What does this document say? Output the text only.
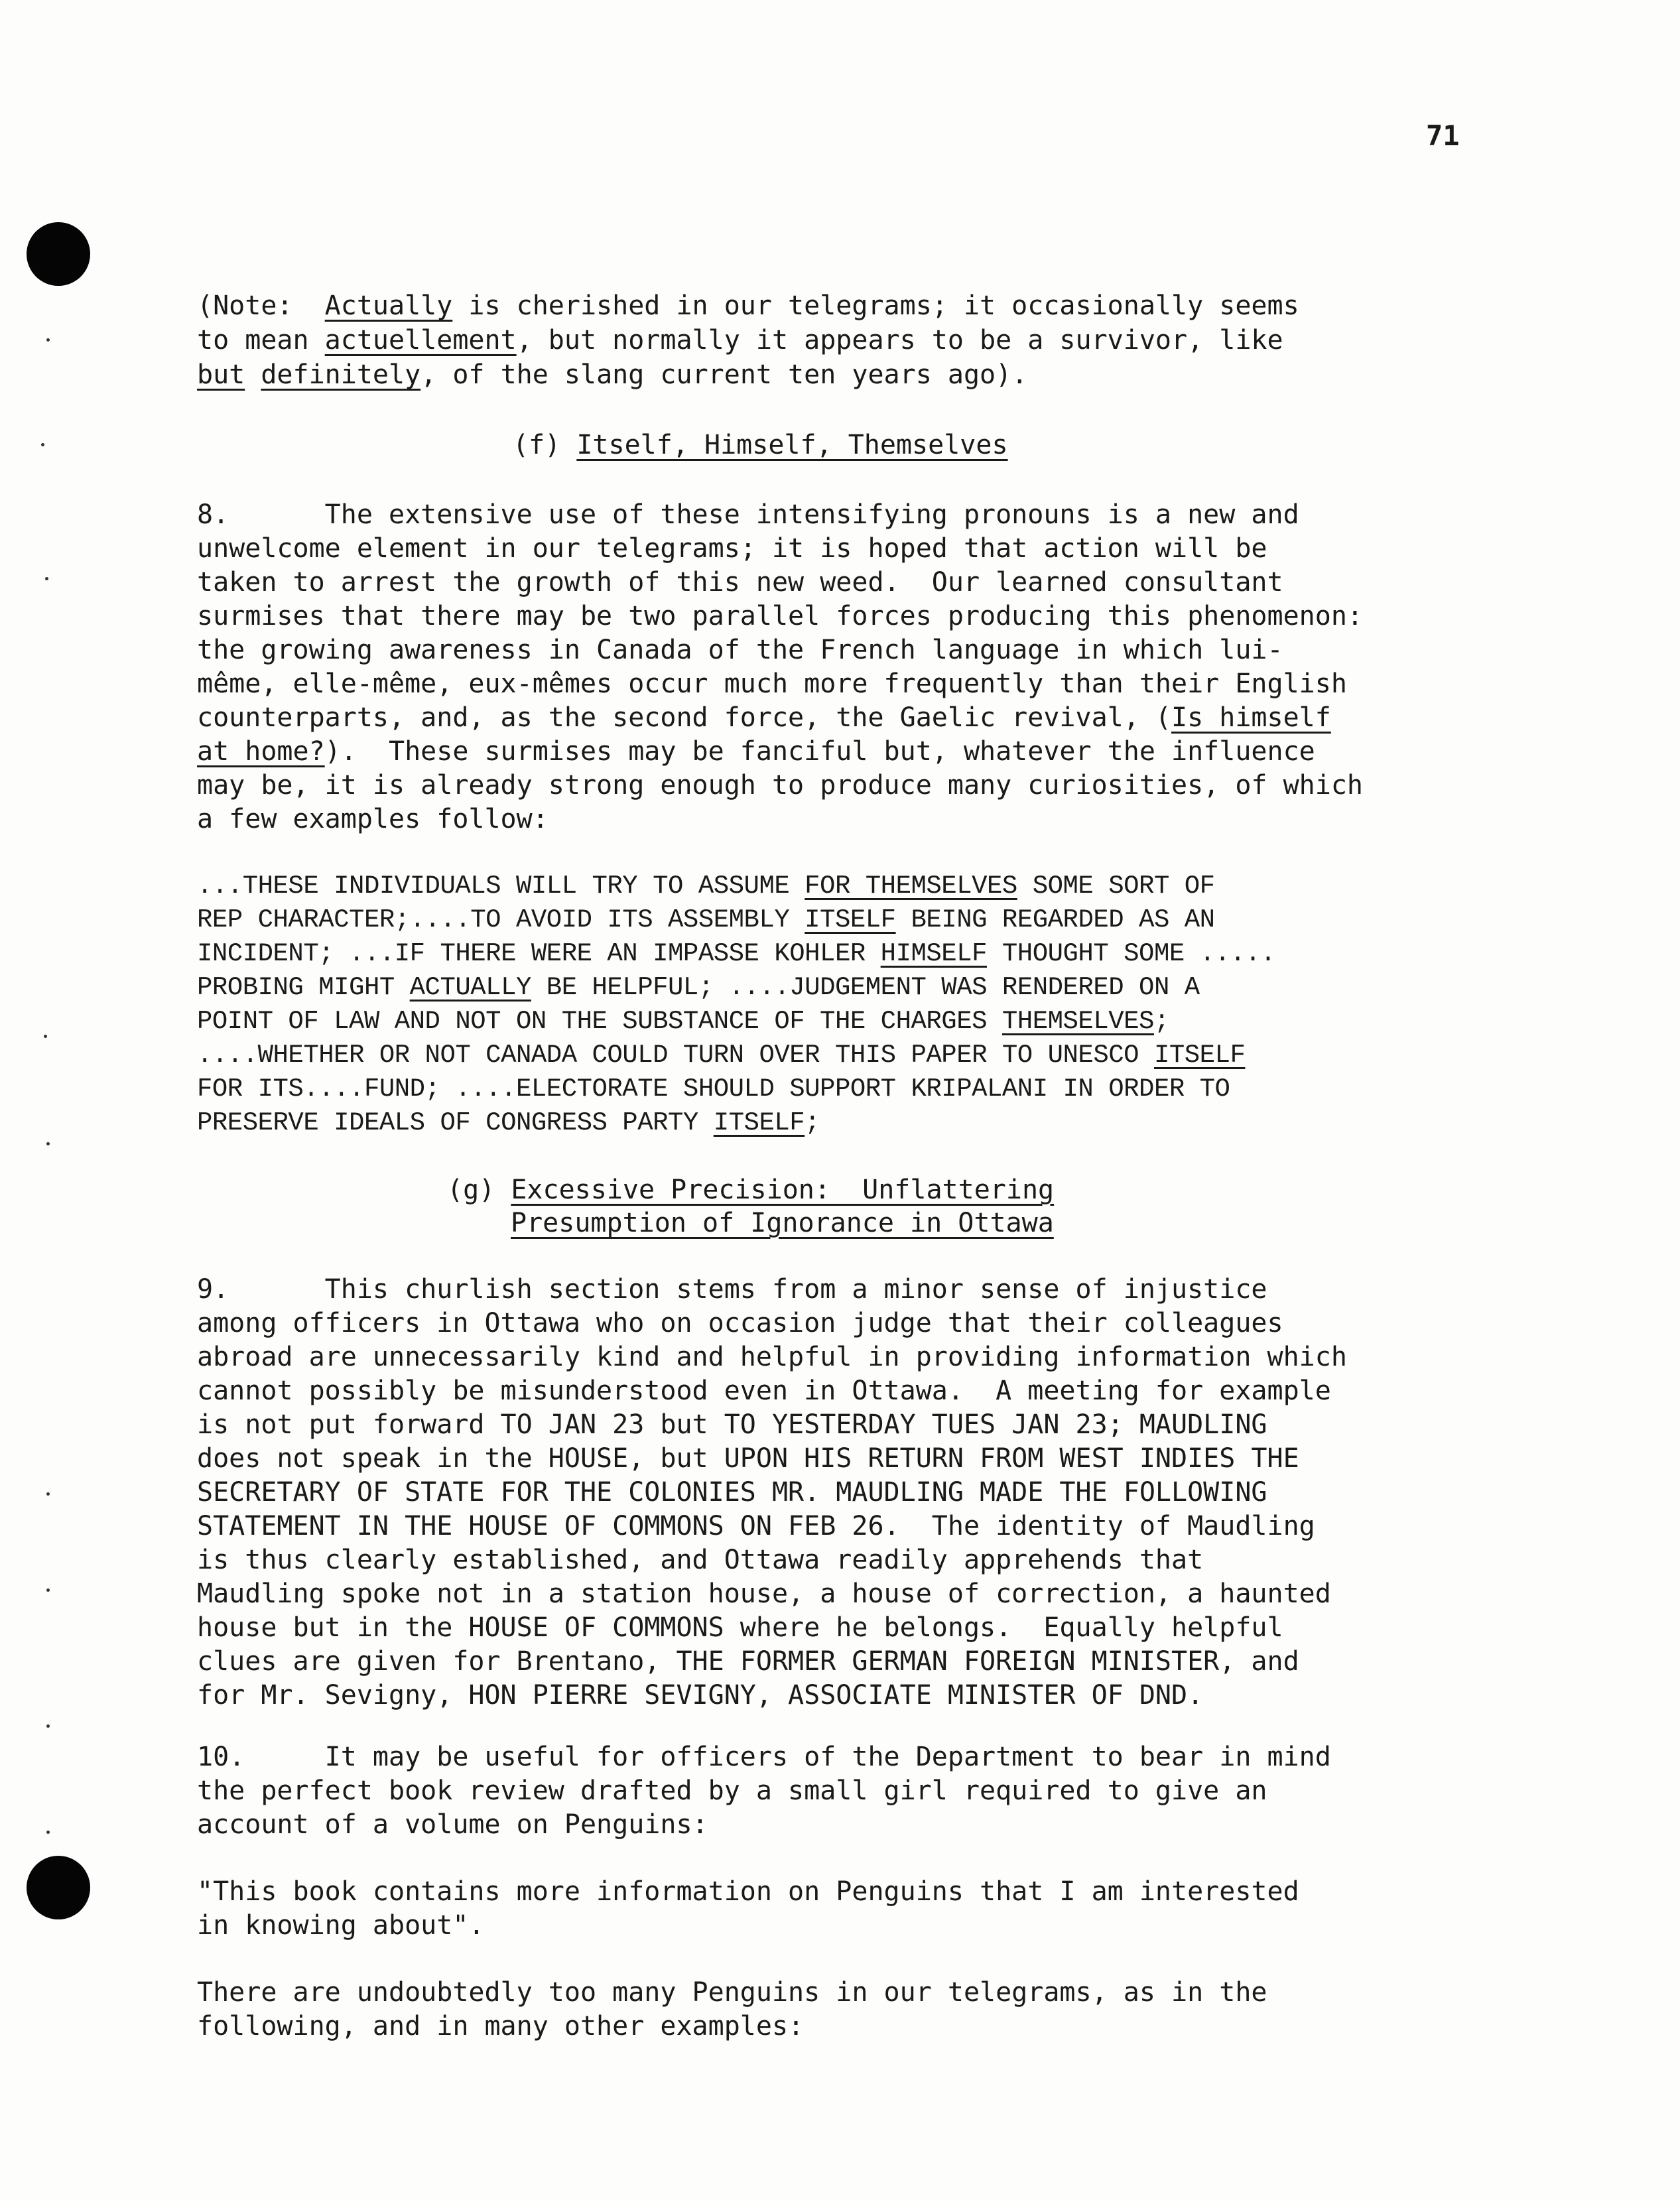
71
(Note:  Actually is cherished in our telegrams; it occasionally seems
to mean actuellement, but normally it appears to be a survivor, like
but definitely, of the slang current ten years ago).
(f) Itself, Himself, Themselves
8.      The extensive use of these intensifying pronouns is a new and
unwelcome element in our telegrams; it is hoped that action will be
taken to arrest the growth of this new weed.  Our learned consultant
surmises that there may be two parallel forces producing this phenomenon:
the growing awareness in Canada of the French language in which lui-
même, elle-même, eux-mêmes occur much more frequently than their English
counterparts, and, as the second force, the Gaelic revival, (Is himself
at home?).  These surmises may be fanciful but, whatever the influence
may be, it is already strong enough to produce many curiosities, of which
a few examples follow:
...THESE INDIVIDUALS WILL TRY TO ASSUME FOR THEMSELVES SOME SORT OF
REP CHARACTER;....TO AVOID ITS ASSEMBLY ITSELF BEING REGARDED AS AN
INCIDENT; ...IF THERE WERE AN IMPASSE KOHLER HIMSELF THOUGHT SOME .....
PROBING MIGHT ACTUALLY BE HELPFUL; ....JUDGEMENT WAS RENDERED ON A
POINT OF LAW AND NOT ON THE SUBSTANCE OF THE CHARGES THEMSELVES;
....WHETHER OR NOT CANADA COULD TURN OVER THIS PAPER TO UNESCO ITSELF
FOR ITS....FUND; ....ELECTORATE SHOULD SUPPORT KRIPALANI IN ORDER TO
PRESERVE IDEALS OF CONGRESS PARTY ITSELF;
(g) Excessive Precision:  Unflattering
Presumption of Ignorance in Ottawa
9.      This churlish section stems from a minor sense of injustice
among officers in Ottawa who on occasion judge that their colleagues
abroad are unnecessarily kind and helpful in providing information which
cannot possibly be misunderstood even in Ottawa.  A meeting for example
is not put forward TO JAN 23 but TO YESTERDAY TUES JAN 23; MAUDLING
does not speak in the HOUSE, but UPON HIS RETURN FROM WEST INDIES THE
SECRETARY OF STATE FOR THE COLONIES MR. MAUDLING MADE THE FOLLOWING
STATEMENT IN THE HOUSE OF COMMONS ON FEB 26.  The identity of Maudling
is thus clearly established, and Ottawa readily apprehends that
Maudling spoke not in a station house, a house of correction, a haunted
house but in the HOUSE OF COMMONS where he belongs.  Equally helpful
clues are given for Brentano, THE FORMER GERMAN FOREIGN MINISTER, and
for Mr. Sevigny, HON PIERRE SEVIGNY, ASSOCIATE MINISTER OF DND.
10.     It may be useful for officers of the Department to bear in mind
the perfect book review drafted by a small girl required to give an
account of a volume on Penguins:
"This book contains more information on Penguins that I am interested
in knowing about".
There are undoubtedly too many Penguins in our telegrams, as in the
following, and in many other examples:
